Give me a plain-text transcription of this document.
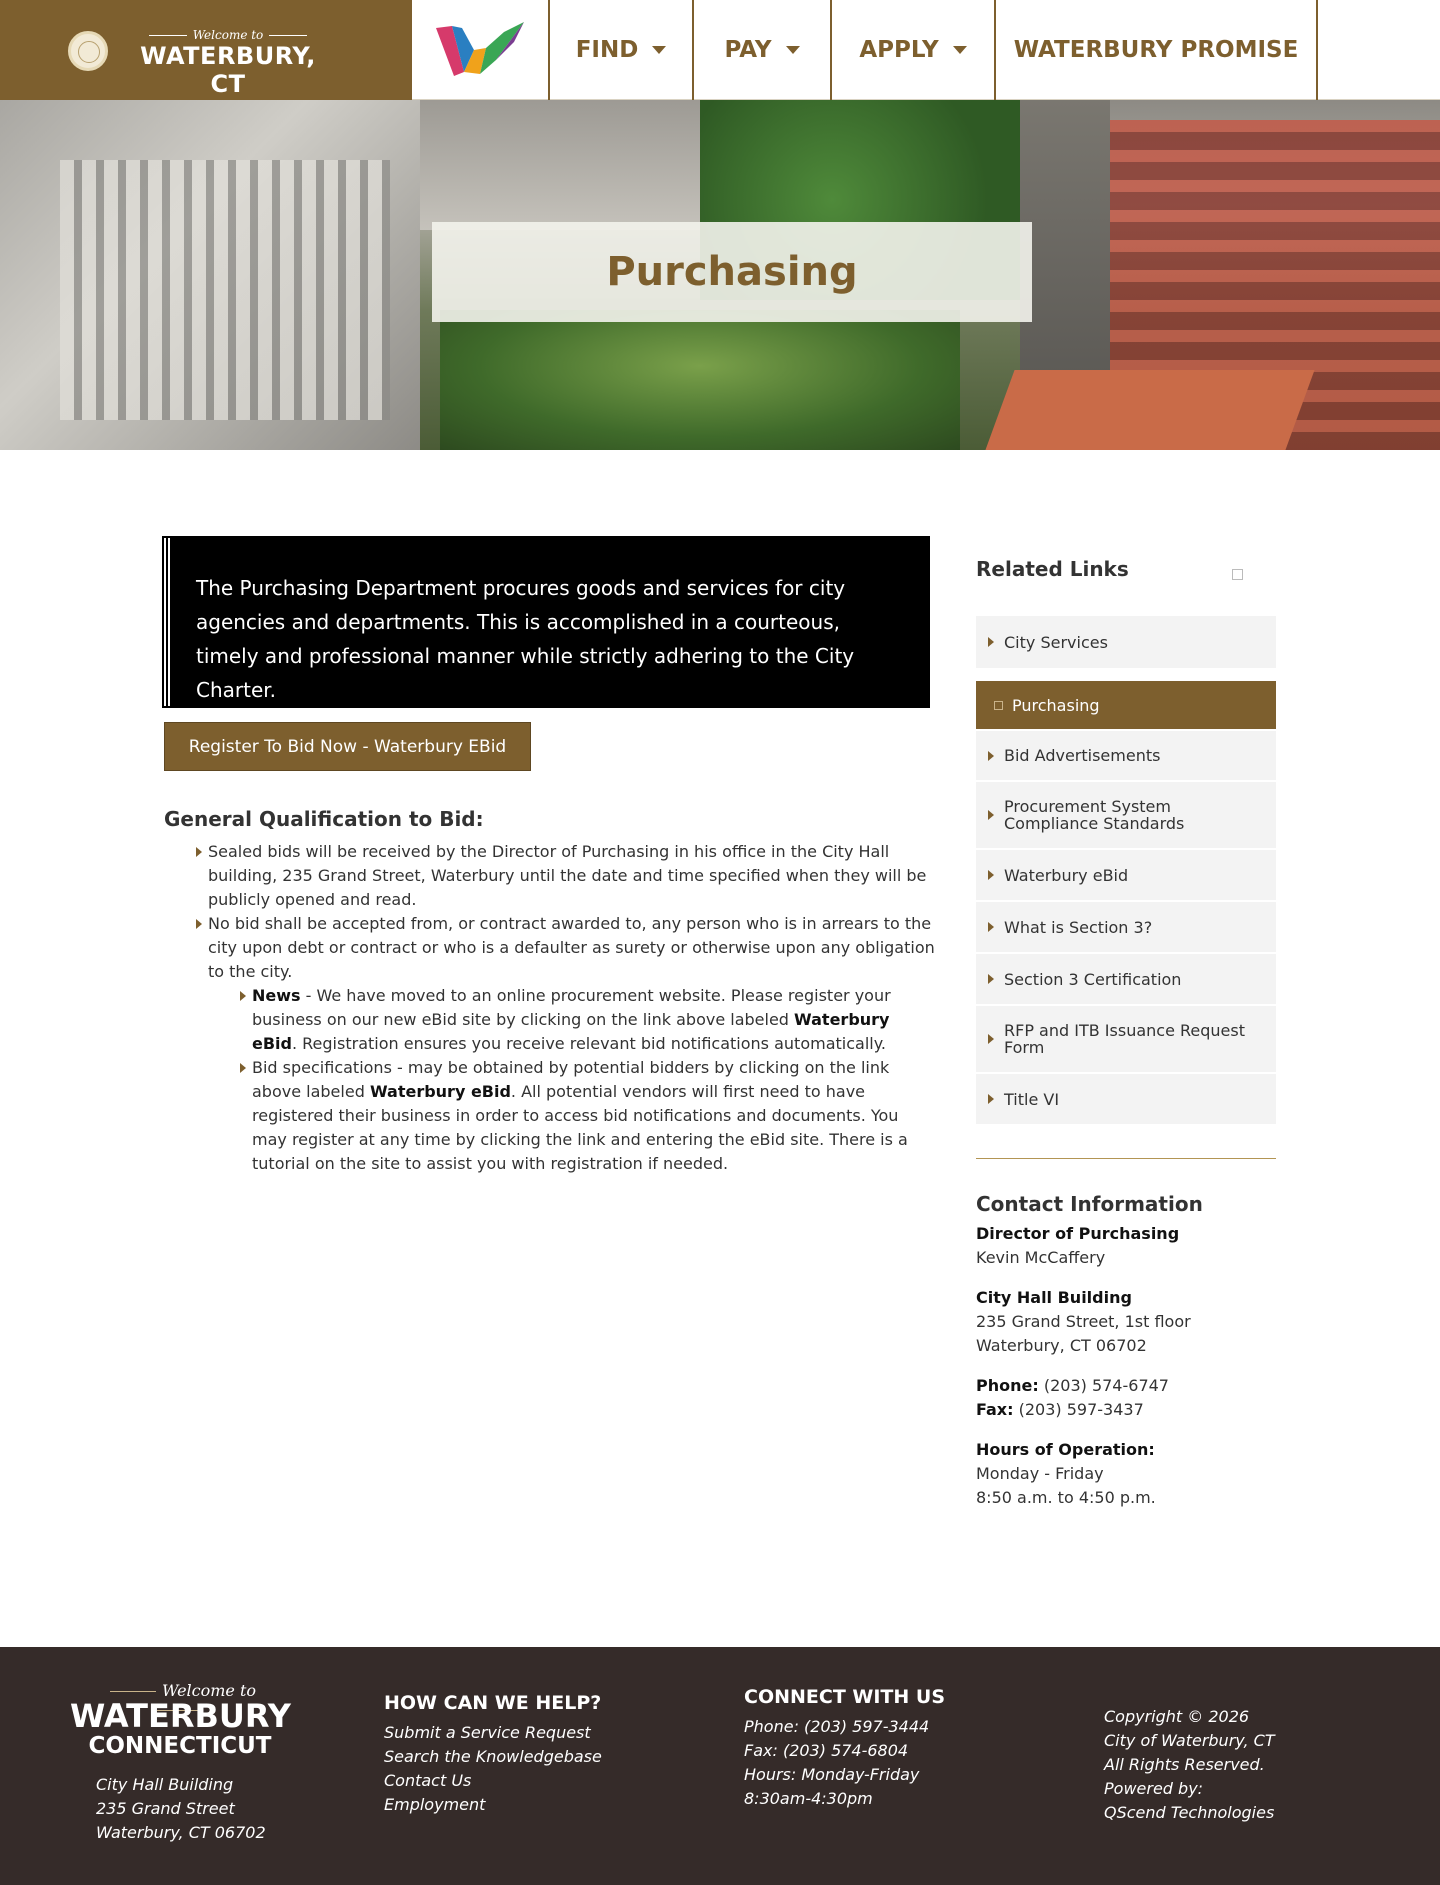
Welcome to
WATERBURY, CT
FIND	PAY	APPLY	WATERBURY PROMISE
Purchasing
The Purchasing Department procures goods and services for city agencies and departments. This is accomplished in a courteous, timely and professional manner while strictly adhering to the City Charter.
Register To Bid Now - Waterbury EBid
General Qualification to Bid:
Sealed bids will be received by the Director of Purchasing in his office in the City Hall building, 235 Grand Street, Waterbury until the date and time specified when they will be publicly opened and read.
No bid shall be accepted from, or contract awarded to, any person who is in arrears to the city upon debt or contract or who is a defaulter as surety or otherwise upon any obligation to the city.
News - We have moved to an online procurement website. Please register your business on our new eBid site by clicking on the link above labeled Waterbury eBid. Registration ensures you receive relevant bid notifications automatically.
Bid specifications - may be obtained by potential bidders by clicking on the link above labeled Waterbury eBid. All potential vendors will first need to have registered their business in order to access bid notifications and documents. You may register at any time by clicking the link and entering the eBid site. There is a tutorial on the site to assist you with registration if needed.
Related Links
City Services
Purchasing
Bid Advertisements
Procurement System Compliance Standards
Waterbury eBid
What is Section 3?
Section 3 Certification
RFP and ITB Issuance Request Form
Title VI
Contact Information
Director of Purchasing
Kevin McCaffery
City Hall Building
235 Grand Street, 1st floor
Waterbury, CT 06702
Phone: (203) 574-6747
Fax: (203) 597-3437
Hours of Operation:
Monday - Friday
8:50 a.m. to 4:50 p.m.
Welcome to
WATERBURY
CONNECTICUT
City Hall Building
235 Grand Street
Waterbury, CT 06702
HOW CAN WE HELP?
Submit a Service Request
Search the Knowledgebase
Contact Us
Employment
CONNECT WITH US
Phone: (203) 597-3444
Fax: (203) 574-6804
Hours: Monday-Friday
8:30am-4:30pm
Copyright © 2026
City of Waterbury, CT
All Rights Reserved.
Powered by:
QScend Technologies
